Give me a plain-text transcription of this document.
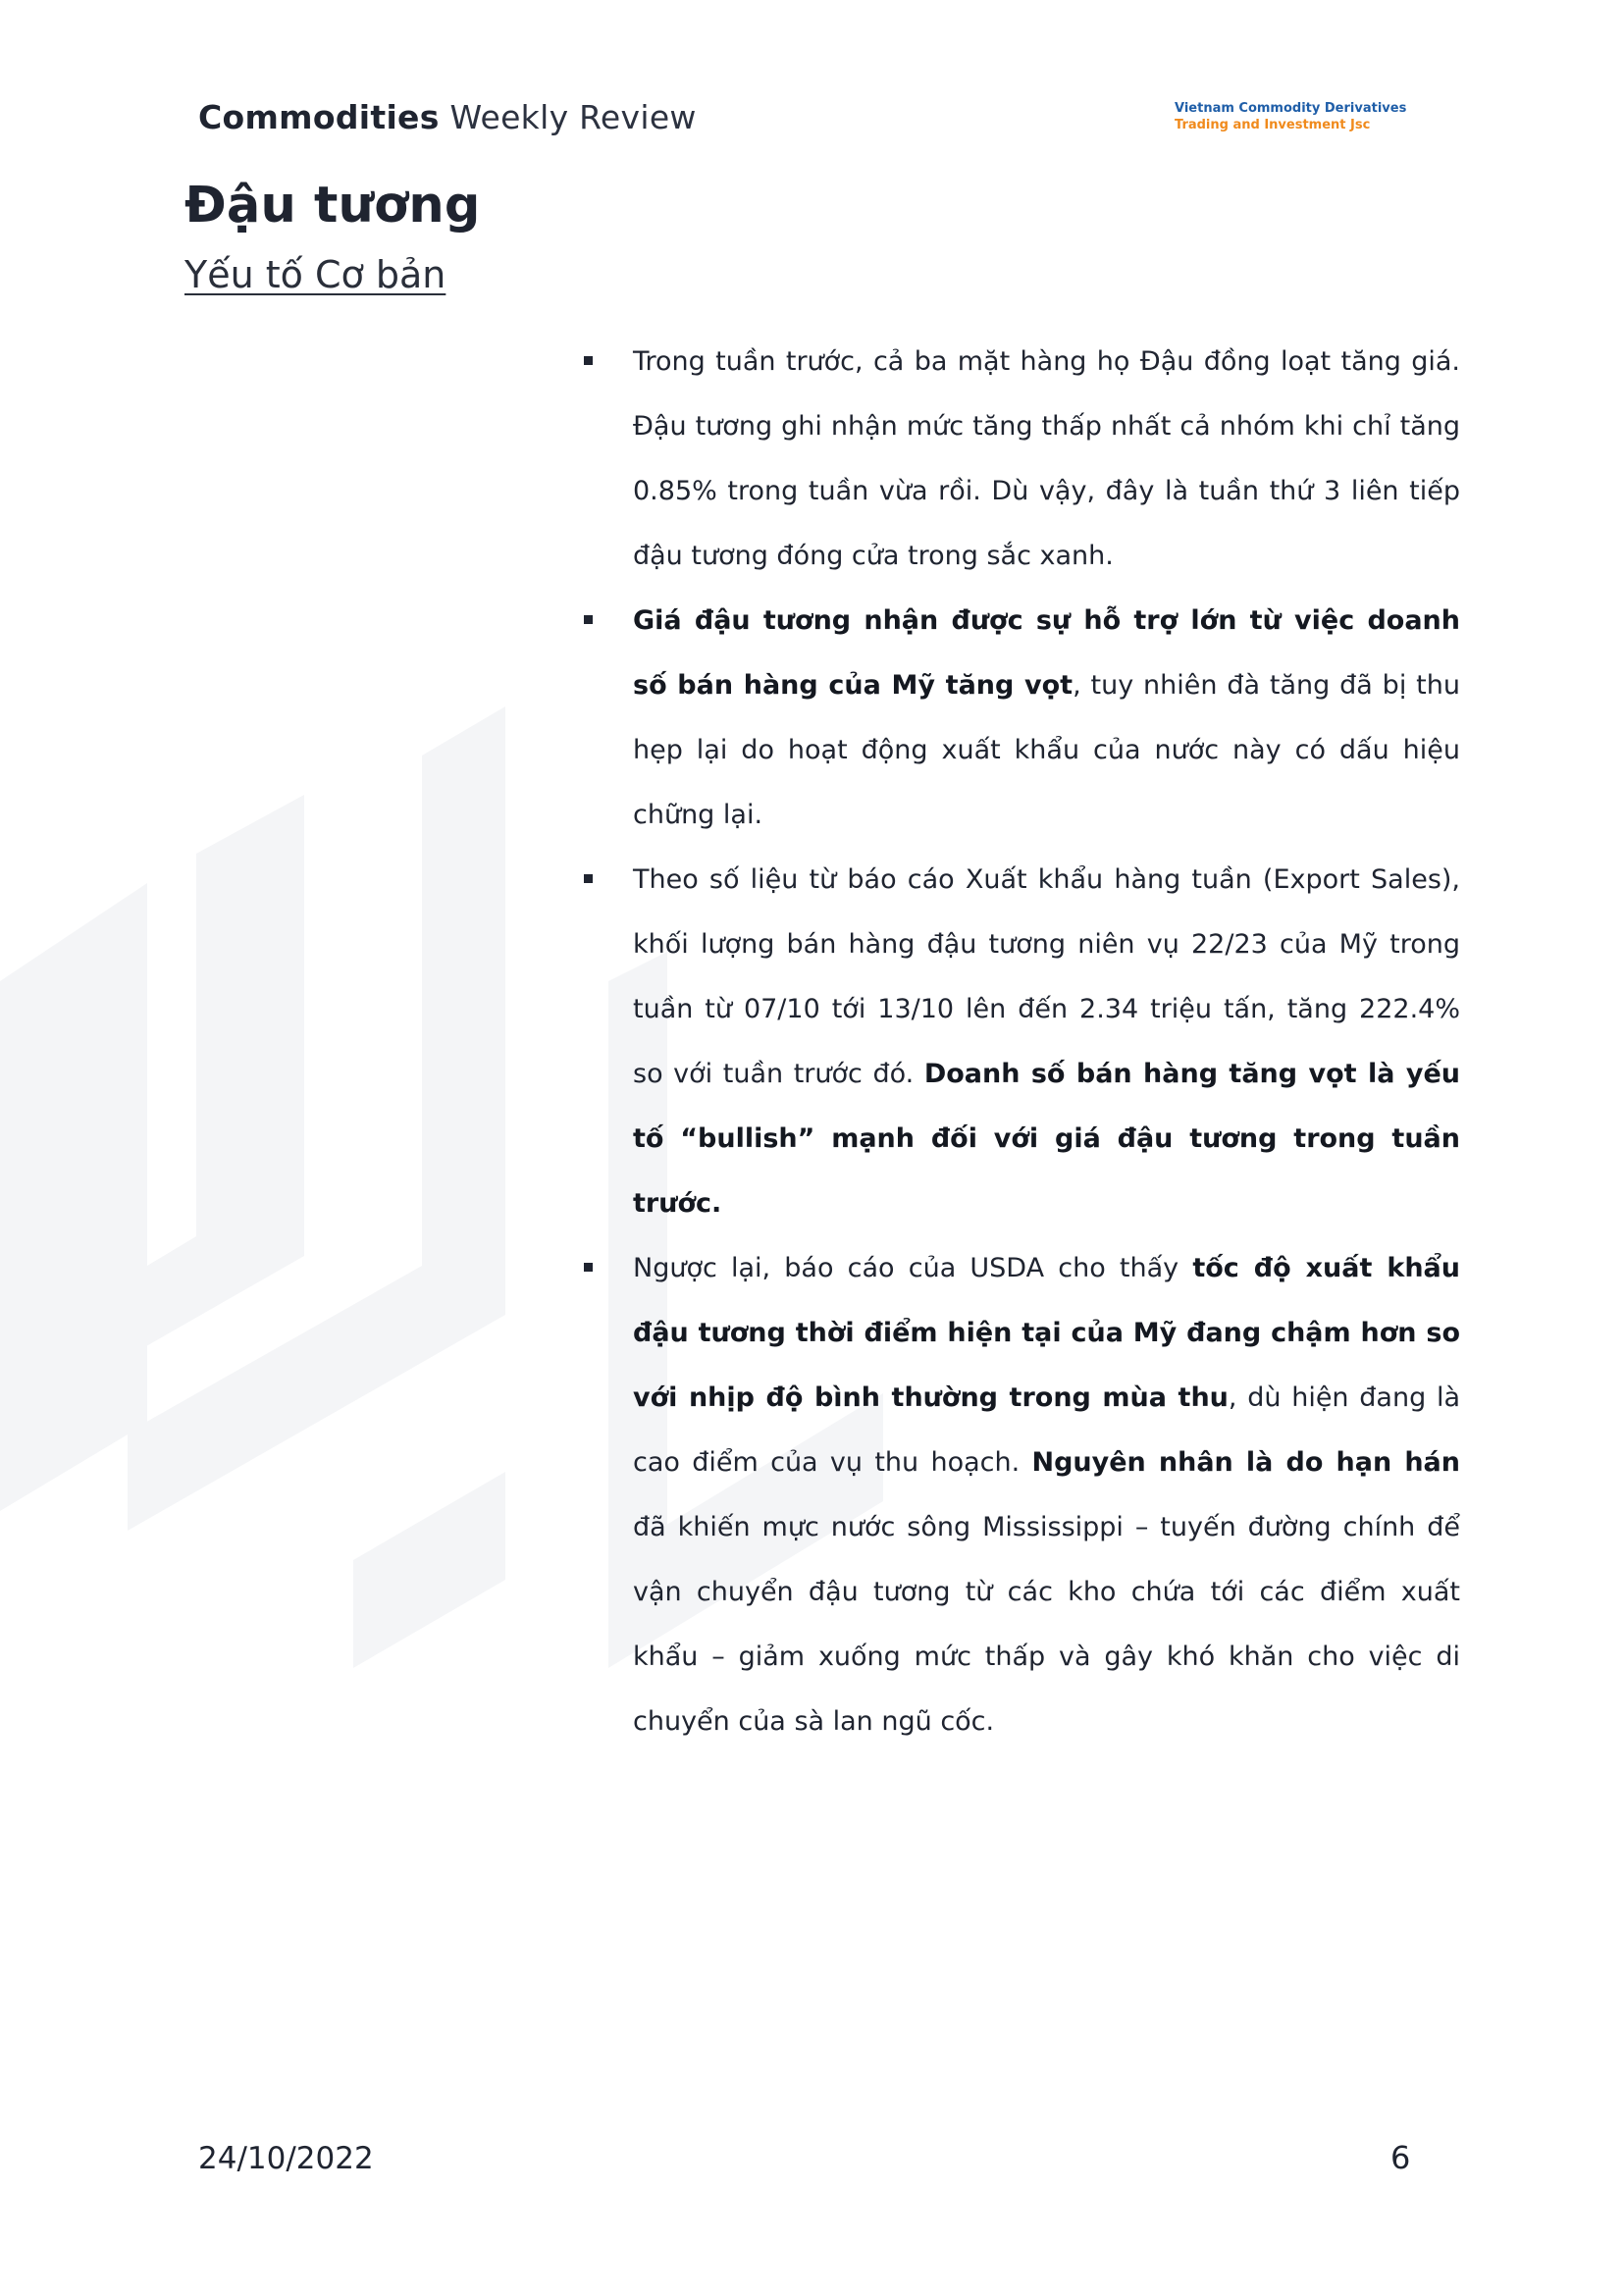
Commodities Weekly Review	Vietnam Commodity Derivatives
Trading and Investment Jsc
Đậu tương
Yếu tố Cơ bản
Trong tuần trước, cả ba mặt hàng họ Đậu đồng loạt tăng giá. Đậu tương ghi nhận mức tăng thấp nhất cả nhóm khi chỉ tăng 0.85% trong tuần vừa rồi. Dù vậy, đây là tuần thứ 3 liên tiếp đậu tương đóng cửa trong sắc xanh.
Giá đậu tương nhận được sự hỗ trợ lớn từ việc doanh số bán hàng của Mỹ tăng vọt, tuy nhiên đà tăng đã bị thu hẹp lại do hoạt động xuất khẩu của nước này có dấu hiệu chững lại.
Theo số liệu từ báo cáo Xuất khẩu hàng tuần (Export Sales), khối lượng bán hàng đậu tương niên vụ 22/23 của Mỹ trong tuần từ 07/10 tới 13/10 lên đến 2.34 triệu tấn, tăng 222.4% so với tuần trước đó. Doanh số bán hàng tăng vọt là yếu tố “bullish” mạnh đối với giá đậu tương trong tuần trước.
Ngược lại, báo cáo của USDA cho thấy tốc độ xuất khẩu đậu tương thời điểm hiện tại của Mỹ đang chậm hơn so với nhịp độ bình thường trong mùa thu, dù hiện đang là cao điểm của vụ thu hoạch. Nguyên nhân là do hạn hán đã khiến mực nước sông Mississippi – tuyến đường chính để vận chuyển đậu tương từ các kho chứa tới các điểm xuất khẩu – giảm xuống mức thấp và gây khó khăn cho việc di chuyển của sà lan ngũ cốc.
24/10/2022	6
